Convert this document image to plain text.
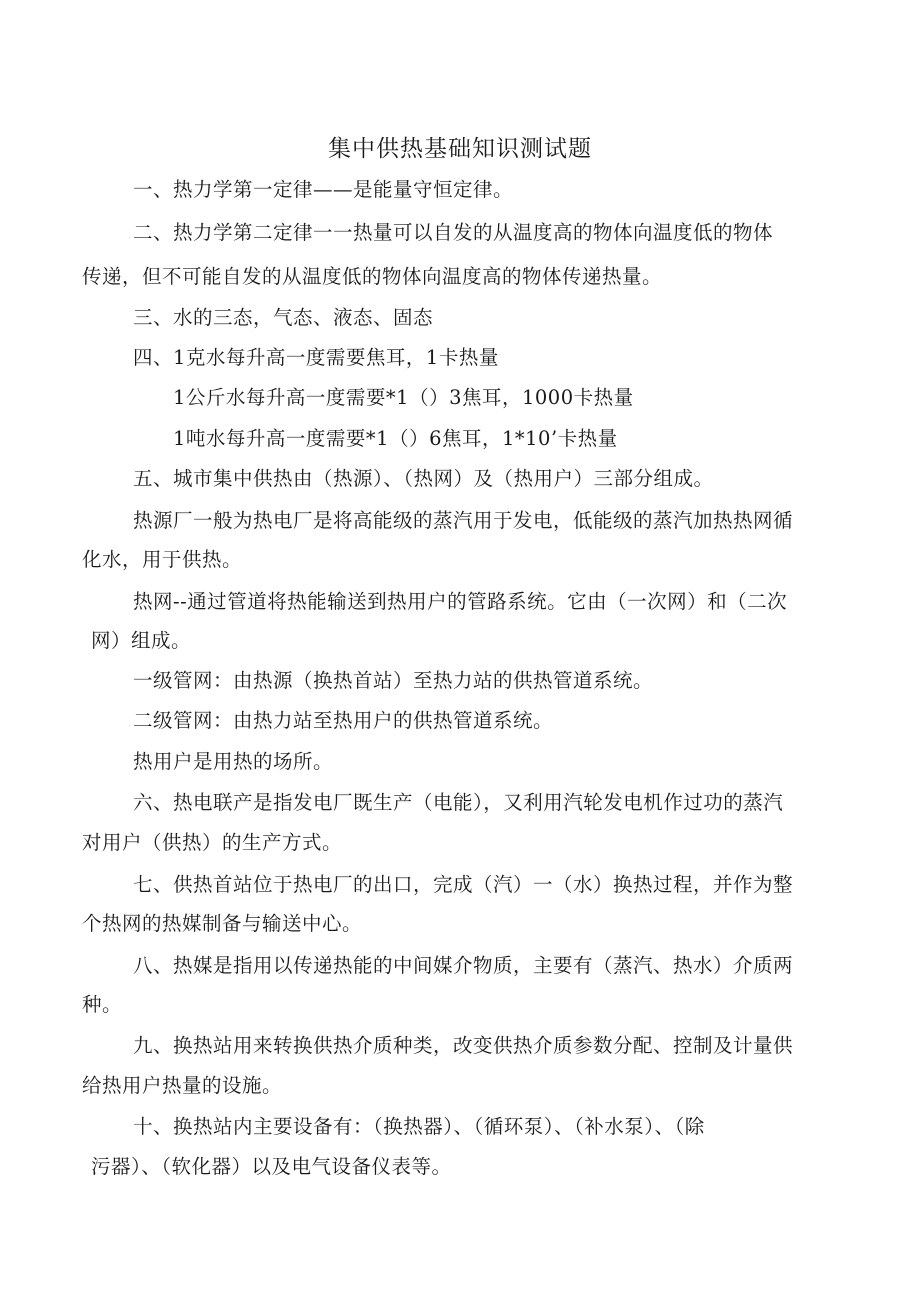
集中供热基础知识测试题
一、热力学第一定律——是能量守恒定律。
二、热力学第二定律一一热量可以自发的从温度高的物体向温度低的物体
传递，但不可能自发的从温度低的物体向温度高的物体传递热量。
三、水的三态，气态、液态、固态
四、1克水每升高一度需要焦耳，1卡热量
1公斤水每升高一度需要*1（）3焦耳，1000卡热量
1吨水每升高一度需要*1（）6焦耳，1*10’卡热量
五、城市集中供热由（热源）、（热网）及（热用户）三部分组成。
热源厂一般为热电厂是将高能级的蒸汽用于发电，低能级的蒸汽加热热网循
化水，用于供热。
热网--通过管道将热能输送到热用户的管路系统。它由（一次网）和（二次
网）组成。
一级管网：由热源（换热首站）至热力站的供热管道系统。
二级管网：由热力站至热用户的供热管道系统。
热用户是用热的场所。
六、热电联产是指发电厂既生产（电能），又利用汽轮发电机作过功的蒸汽
对用户（供热）的生产方式。
七、供热首站位于热电厂的出口，完成（汽）一（水）换热过程，并作为整
个热网的热媒制备与输送中心。
八、热媒是指用以传递热能的中间媒介物质，主要有（蒸汽、热水）介质两
种。
九、换热站用来转换供热介质种类，改变供热介质参数分配、控制及计量供
给热用户热量的设施。
十、换热站内主要设备有：（换热器）、（循环泵）、（补水泵）、（除
污器）、（软化器）以及电气设备仪表等。
